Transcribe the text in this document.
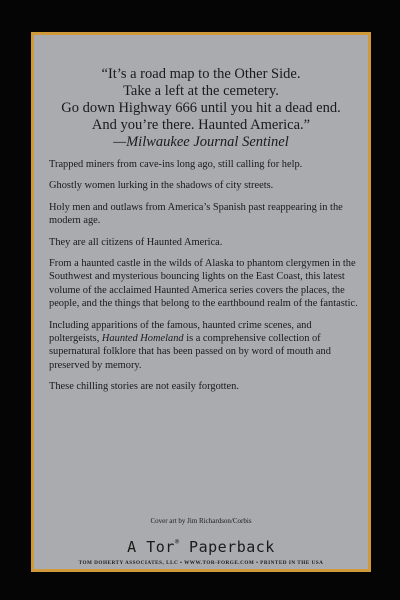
“It’s a road map to the Other Side.
Take a left at the cemetery.
Go down Highway 666 until you hit a dead end.
And you’re there. Haunted America.”
—Milwaukee Journal Sentinel

Trapped miners from cave-ins long ago, still calling for help.

Ghostly women lurking in the shadows of city streets.

Holy men and outlaws from America’s Spanish past reappearing in the modern age.

They are all citizens of Haunted America.

From a haunted castle in the wilds of Alaska to phantom clergymen in the Southwest and mysterious bouncing lights on the East Coast, this latest volume of the acclaimed Haunted America series covers the places, the people, and the things that belong to the earthbound realm of the fantastic.

Including apparitions of the famous, haunted crime scenes, and poltergeists, Haunted Homeland is a comprehensive collection of supernatural folklore that has been passed on by word of mouth and preserved by memory.

These chilling stories are not easily forgotten.

Cover art by Jim Richardson/Corbis
A Tor® Paperback
TOM DOHERTY ASSOCIATES, LLC • WWW.TOR-FORGE.COM • PRINTED IN THE USA
